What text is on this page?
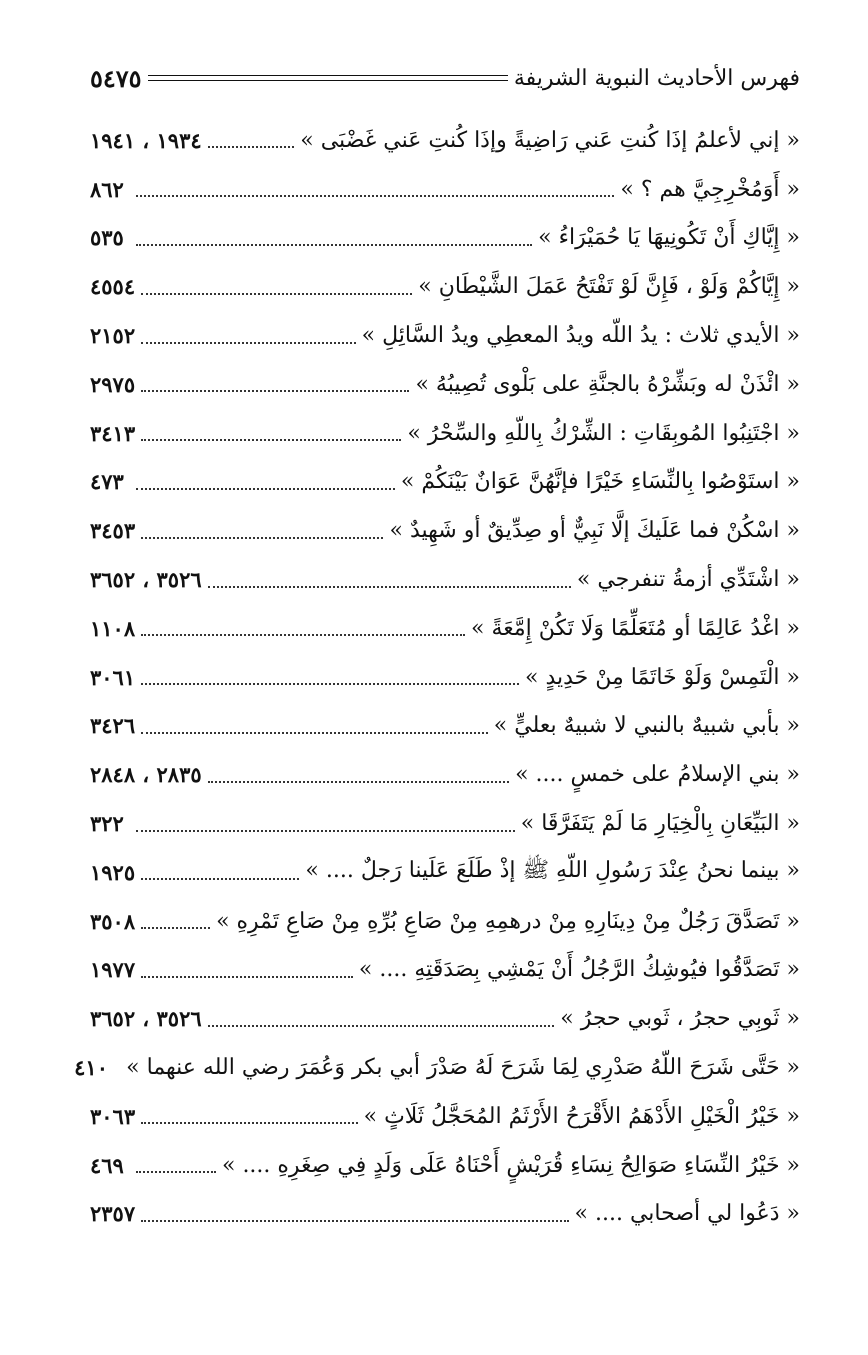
٥٤٧٥	فهرس الأحاديث النبوية الشريفة
« إني لأعلمُ إذَا كُنتِ عَني رَاضِيةً وإذَا كُنتِ عَني غَضْبَى »
١٩٣٤ ، ١٩٤١
« أَوَمُخْرِجِيَّ هم ؟ »
٨٦٢
« إِيَّاكِ أَنْ تَكُونِيهَا يَا حُمَيْرَاءُ »
٥٣٥
« إِيَّاكُمْ وَلَوْ ، فَإِنَّ لَوْ تَفْتَحُ عَمَلَ الشَّيْطَانِ »
٤٥٥٤
« الأيدي ثلاث : يدُ اللّه ويدُ المعطِي ويدُ السَّائِلِ »
٢١٥٢
« ائْذَنْ له وبَشِّرْهُ بالجنَّةِ على بَلْوى تُصِيبُهُ »
٢٩٧٥
« اجْتَنِبُوا المُوبِقَاتِ : الشِّرْكُ بِاللّهِ والسِّحْرُ »
٣٤١٣
« استَوْصُوا بِالنِّسَاءِ خَيْرًا فإنَّهُنَّ عَوَانٌ بَيْنَكُمْ »
٤٧٣
« اسْكُنْ فما عَلَيكَ إلَّا نَبِيٌّ أو صِدِّيقٌ أو شَهِيدٌ »
٣٤٥٣
« اشْتَدِّي أزمةُ تنفرجي »
٣٥٢٦ ، ٣٦٥٢
« اغْدُ عَالِمًا أو مُتَعَلِّمًا وَلَا تَكُنْ إِمَّعَةً »
١١٠٨
« الْتَمِسْ وَلَوْ خَاتَمًا مِنْ حَدِيدٍ »
٣٠٦١
« بأبي شبيهٌ بالنبي لا شبيهٌ بعليٍّ »
٣٤٢٦
« بني الإسلامُ على خمسٍ .... »
٢٨٣٥ ، ٢٨٤٨
« البَيِّعَانِ بِالْخِيَارِ مَا لَمْ يَتَفَرَّقَا »
٣٢٢
« بينما نحنُ عِنْدَ رَسُولِ اللّهِ ﷺ إذْ طَلَعَ عَلَينا رَجلٌ .... »
١٩٢٥
« تَصَدَّقَ رَجُلٌ مِنْ دِينَارِهِ مِنْ درهمِهِ مِنْ صَاعِ بُرِّهِ مِنْ صَاعِ تَمْرِهِ »
٣٥٠٨
« تَصَدَّقُوا فيُوشِكُ الرَّجُلُ أَنْ يَمْشِي بِصَدَقَتِهِ .... »
١٩٧٧
« ثَوبِي حجرُ ، ثَوبي حجرُ »
٣٥٢٦ ، ٣٦٥٢
« حَتَّى شَرَحَ اللّهُ صَدْرِي لِمَا شَرَحَ لَهُ صَدْرَ أبي بكر وَعُمَرَ رضي الله عنهما »
٤١٠
« خَيْرُ الْخَيْلِ الأَدْهَمُ الأَقْرَحُ الأَرْثَمُ المُحَجَّلُ ثَلَاثٍ »
٣٠٦٣
« خَيْرُ النِّسَاءِ صَوَالِحُ نِسَاءِ قُرَيْشٍ أَحْنَاهُ عَلَى وَلَدٍ فِي صِغَرِهِ .... »
٤٦٩
« دَعُوا لي أصحابي .... »
٢٣٥٧
